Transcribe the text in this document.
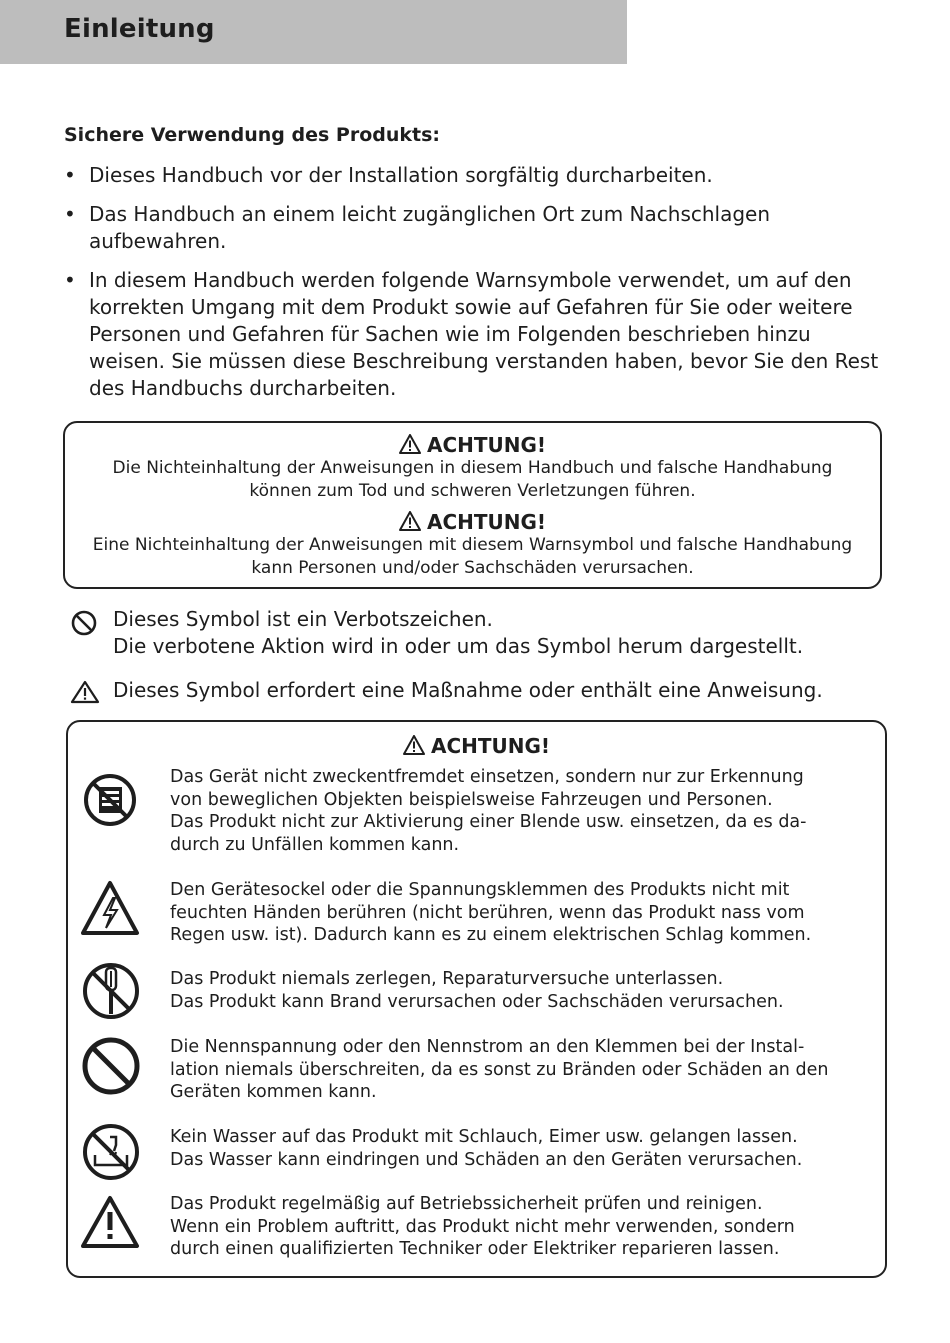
Einleitung
Sichere Verwendung des Produkts:
• Dieses Handbuch vor der Installation sorgfältig durcharbeiten.
• Das Handbuch an einem leicht zugänglichen Ort zum Nachschlagen aufbewahren.
• In diesem Handbuch werden folgende Warnsymbole verwendet, um auf den korrekten Umgang mit dem Produkt sowie auf Gefahren für Sie oder weitere Personen und Gefahren für Sachen wie im Folgenden beschrieben hinzu weisen. Sie müssen diese Beschreibung verstanden haben, bevor Sie den Rest des Handbuchs durcharbeiten.
ACHTUNG!
Die Nichteinhaltung der Anweisungen in diesem Handbuch und falsche Handhabung können zum Tod und schweren Verletzungen führen.
ACHTUNG!
Eine Nichteinhaltung der Anweisungen mit diesem Warnsymbol und falsche Handhabung kann Personen und/oder Sachschäden verursachen.
Dieses Symbol ist ein Verbotszeichen.
Die verbotene Aktion wird in oder um das Symbol herum dargestellt.
Dieses Symbol erfordert eine Maßnahme oder enthält eine Anweisung.
ACHTUNG!
Das Gerät nicht zweckentfremdet einsetzen, sondern nur zur Erkennung
von beweglichen Objekten beispielsweise Fahrzeugen und Personen.
Das Produkt nicht zur Aktivierung einer Blende usw. einsetzen, da es da-
durch zu Unfällen kommen kann.
Den Gerätesockel oder die Spannungsklemmen des Produkts nicht mit
feuchten Händen berühren (nicht berühren, wenn das Produkt nass vom
Regen usw. ist). Dadurch kann es zu einem elektrischen Schlag kommen.
Das Produkt niemals zerlegen, Reparaturversuche unterlassen.
Das Produkt kann Brand verursachen oder Sachschäden verursachen.
Die Nennspannung oder den Nennstrom an den Klemmen bei der Instal-
lation niemals überschreiten, da es sonst zu Bränden oder Schäden an den
Geräten kommen kann.
Kein Wasser auf das Produkt mit Schlauch, Eimer usw. gelangen lassen.
Das Wasser kann eindringen und Schäden an den Geräten verursachen.
Das Produkt regelmäßig auf Betriebssicherheit prüfen und reinigen.
Wenn ein Problem auftritt, das Produkt nicht mehr verwenden, sondern
durch einen qualifizierten Techniker oder Elektriker reparieren lassen.
